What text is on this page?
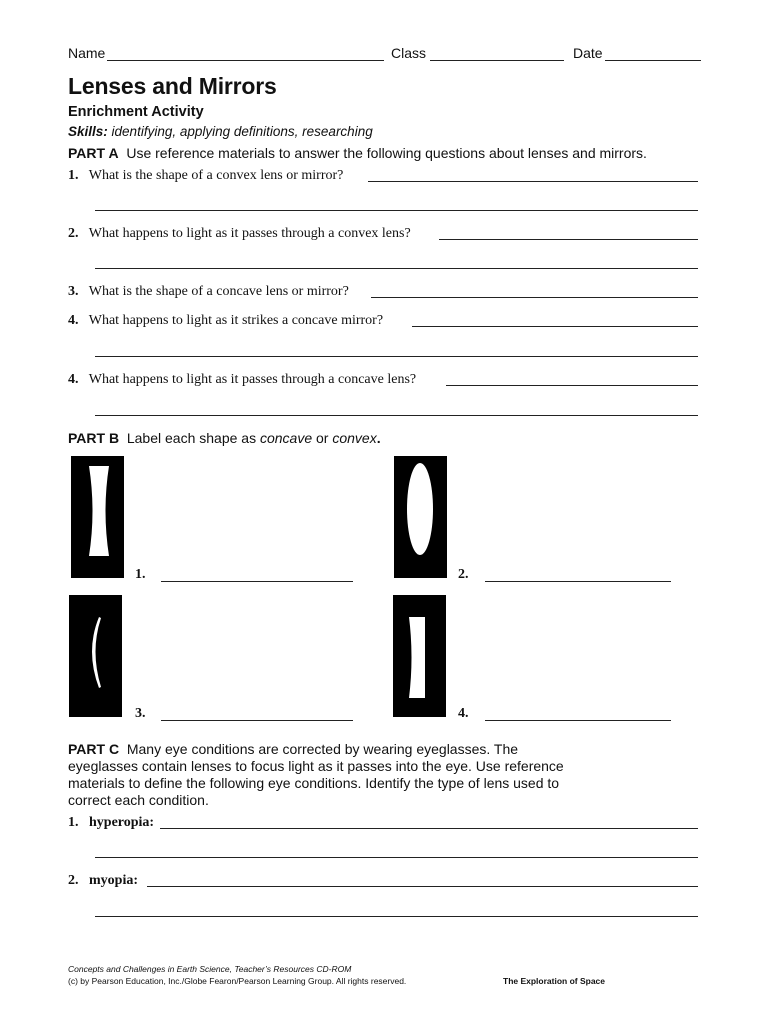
Name	Class	Date
Lenses and Mirrors
Enrichment Activity
Skills: identifying, applying definitions, researching
PART A Use reference materials to answer the following questions about lenses and mirrors.
1. What is the shape of a convex lens or mirror?
2. What happens to light as it passes through a convex lens?
3. What is the shape of a concave lens or mirror?
4. What happens to light as it strikes a concave mirror?
4. What happens to light as it passes through a concave lens?
PART B Label each shape as concave or convex.
1.	2.
3.	4.
PART C Many eye conditions are corrected by wearing eyeglasses. The
eyeglasses contain lenses to focus light as it passes into the eye. Use reference
materials to define the following eye conditions. Identify the type of lens used to
correct each condition.
1. hyperopia:
2. myopia:
Concepts and Challenges in Earth Science, Teacher’s Resources CD-ROM
(c) by Pearson Education, Inc./Globe Fearon/Pearson Learning Group. All rights reserved.	The Exploration of Space
